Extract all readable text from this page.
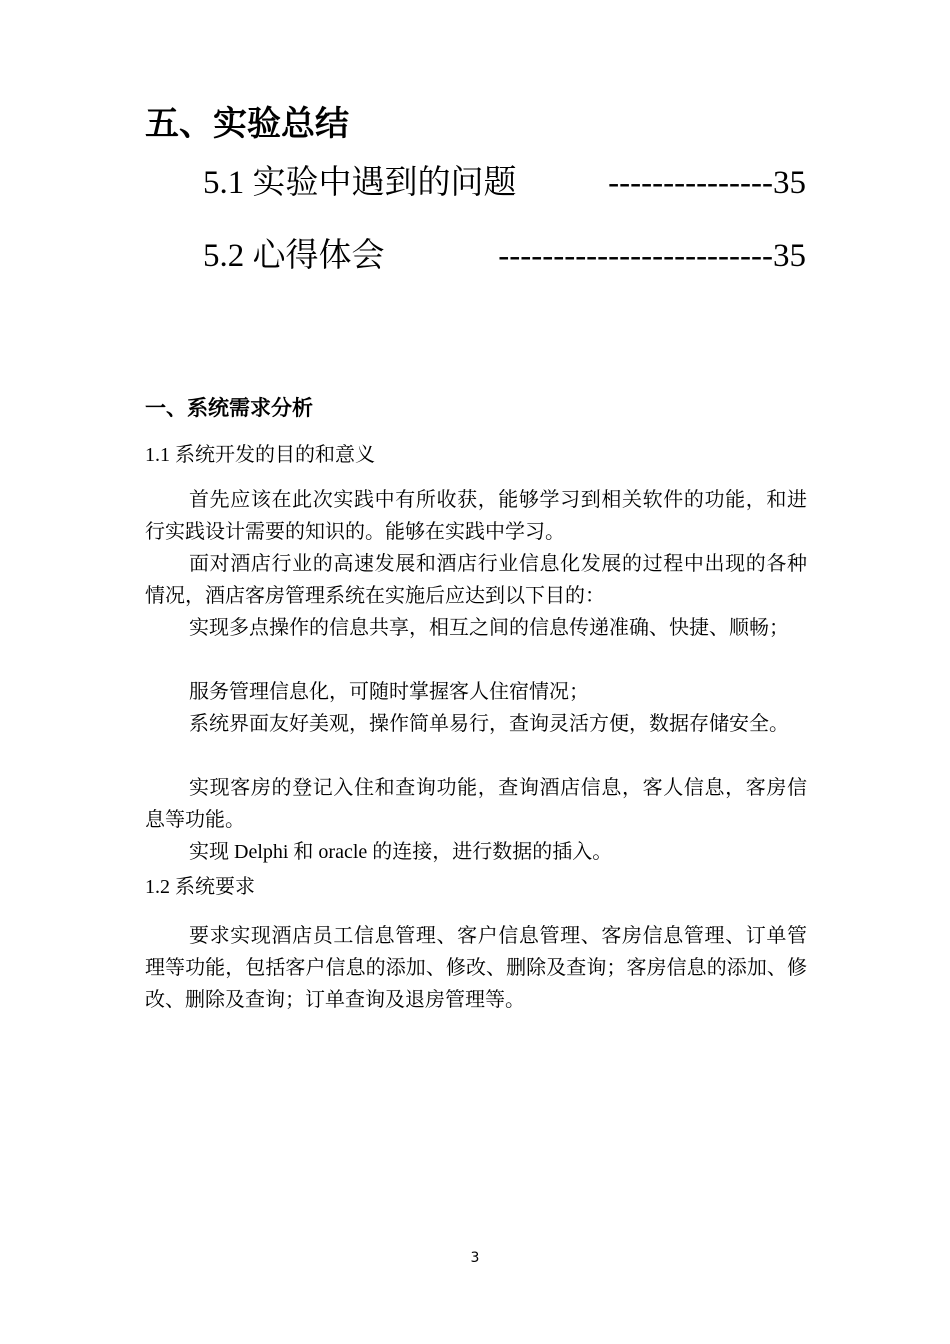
五、实验总结
5.1 实验中遇到的问题	---------------35
5.2 心得体会	-------------------------35
一、系统需求分析
1.1 系统开发的目的和意义

首先应该在此次实践中有所收获，能够学习到相关软件的功能，和进行实践设计需要的知识的。能够在实践中学习。

面对酒店行业的高速发展和酒店行业信息化发展的过程中出现的各种情况，酒店客房管理系统在实施后应达到以下目的：

实现多点操作的信息共享，相互之间的信息传递准确、快捷、顺畅；

服务管理信息化，可随时掌握客人住宿情况；

系统界面友好美观，操作简单易行，查询灵活方便，数据存储安全。

实现客房的登记入住和查询功能，查询酒店信息，客人信息，客房信息等功能。

实现 Delphi 和 oracle 的连接，进行数据的插入。

1.2 系统要求

要求实现酒店员工信息管理、客户信息管理、客房信息管理、订单管理等功能，包括客户信息的添加、修改、删除及查询；客房信息的添加、修改、删除及查询；订单查询及退房管理等。

3
